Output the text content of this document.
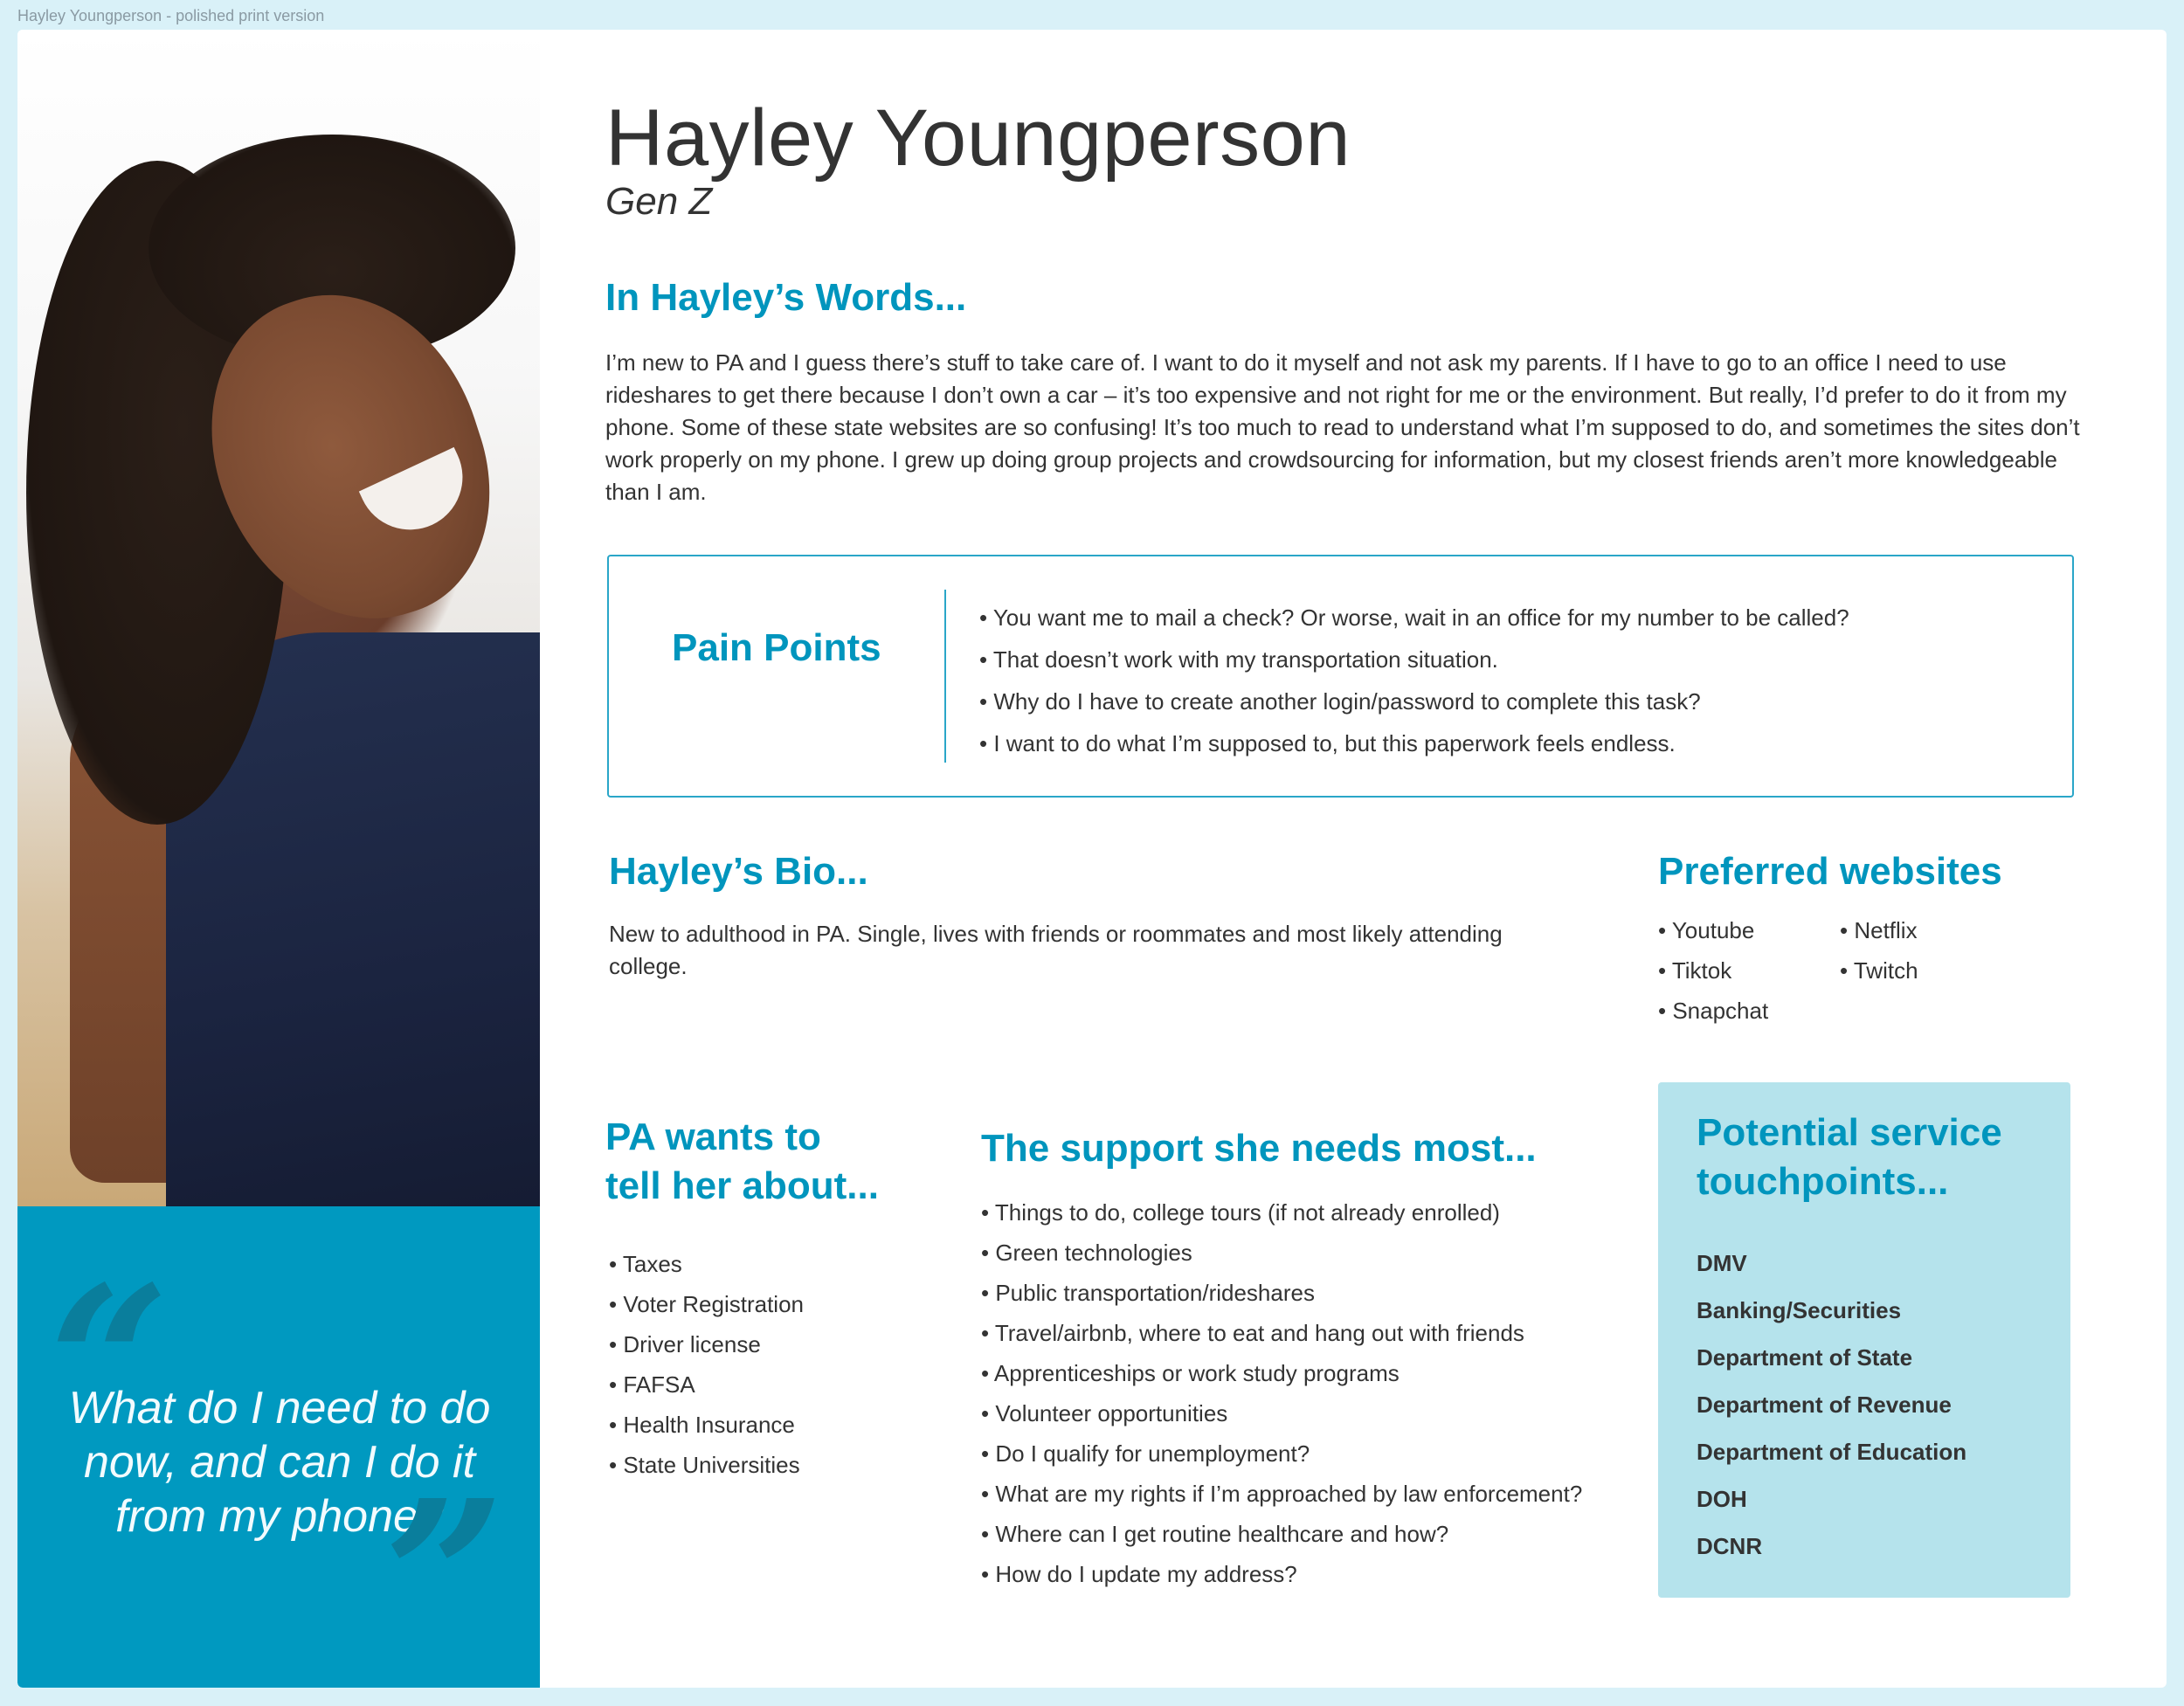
Hayley Youngperson - polished print version
“
What do I need to do now, and can I do it from my phone?
”
Hayley Youngperson
Gen Z
In Hayley’s Words...
I’m new to PA and I guess there’s stuff to take care of. I want to do it myself and not ask my parents. If I have to go to an office I need to use rideshares to get there because I don’t own a car – it’s too expensive and not right for me or the environment. But really, I’d prefer to do it from my phone. Some of these state websites are so confusing! It’s too much to read to understand what I’m supposed to do, and sometimes the sites don’t work properly on my phone. I grew up doing group projects and crowdsourcing for information, but my closest friends aren’t more knowledgeable than I am.
Pain Points
• You want me to mail a check? Or worse, wait in an office for my number to be called?
• That doesn’t work with my transportation situation.
• Why do I have to create another login/password to complete this task?
• I want to do what I’m supposed to, but this paperwork feels endless.
Hayley’s Bio...
New to adulthood in PA. Single, lives with friends or roommates and most likely attending college.
Preferred websites
• Youtube	• Netflix
• Tiktok	• Twitch
• Snapchat
PA wants to
tell her about...
• Taxes
• Voter Registration
• Driver license
• FAFSA
• Health Insurance
• State Universities
The support she needs most...
• Things to do, college tours (if not already enrolled)
• Green technologies
• Public transportation/rideshares
• Travel/airbnb, where to eat and hang out with friends
• Apprenticeships or work study programs
• Volunteer opportunities
• Do I qualify for unemployment?
• What are my rights if I’m approached by law enforcement?
• Where can I get routine healthcare and how?
• How do I update my address?
Potential service
touchpoints...
DMV
Banking/Securities
Department of State
Department of Revenue
Department of Education
DOH
DCNR
